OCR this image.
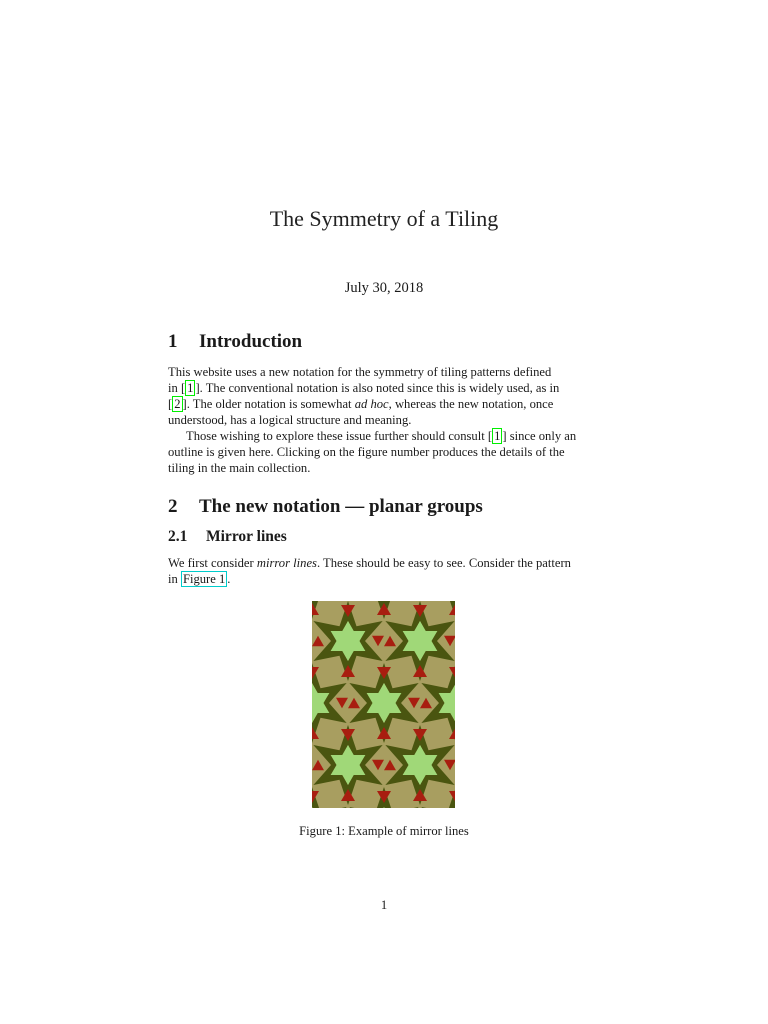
The Symmetry of a Tiling
July 30, 2018
1 Introduction
This website uses a new notation for the symmetry of tiling patterns defined
in [ 1 ]. The conventional notation is also noted since this is widely used, as in
[ 2 ]. The older notation is somewhat ad hoc, whereas the new notation, once
understood, has a logical structure and meaning.
Those wishing to explore these issue further should consult [ 1 ] since only an
outline is given here. Clicking on the figure number produces the details of the
tiling in the main collection.
2 The new notation — planar groups
2.1 Mirror lines
We first consider mirror lines. These should be easy to see. Consider the pattern
in Figure 1 .
Figure 1: Example of mirror lines
1
